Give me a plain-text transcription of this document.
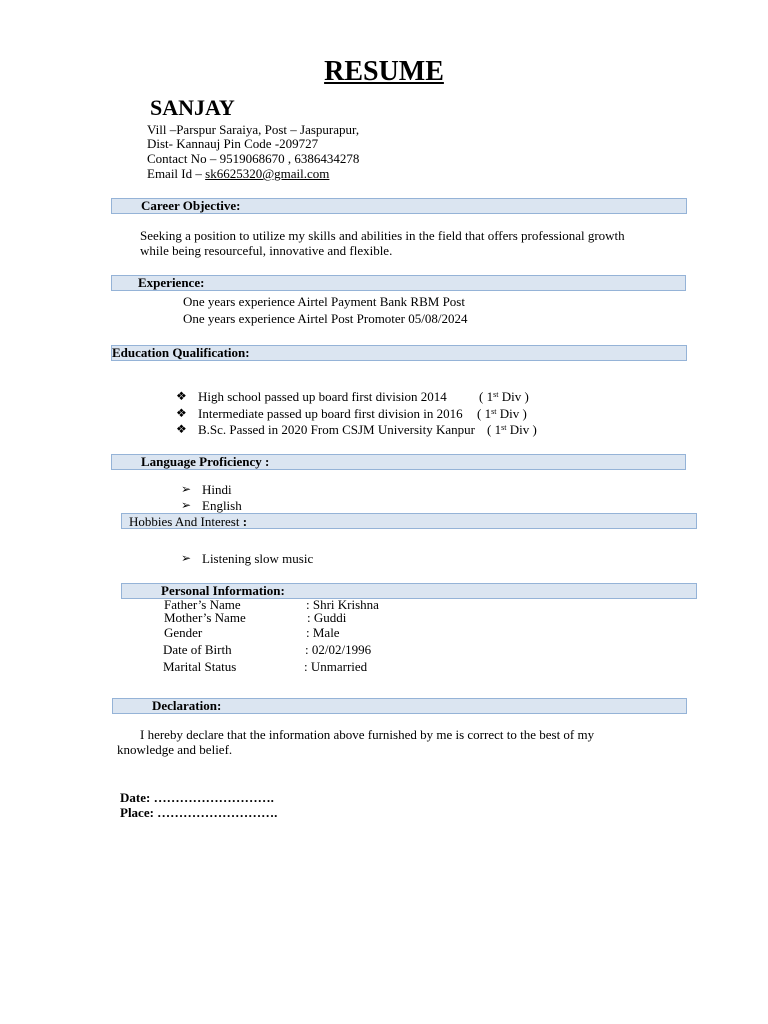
RESUME
SANJAY
Vill –Parspur Saraiya, Post – Jaspurapur,
Dist- Kannauj Pin Code -209727
Contact No – 9519068670 , 6386434278
Email Id – sk6625320@gmail.com
Career Objective:
Seeking a position to utilize my skills and abilities in the field that offers professional growth
while being resourceful, innovative and flexible.
Experience:
One years experience Airtel Payment Bank RBM Post
One years experience Airtel Post Promoter 05/08/2024
Education Qualification:
❖ High school passed up board first division 2014 ( 1st Div )
❖ Intermediate passed up board first division in 2016 ( 1st Div )
❖ B.Sc. Passed in 2020 From CSJM University Kanpur ( 1st Div )
Language Proficiency :
➢ Hindi
➢ English
Hobbies And Interest :
➢ Listening slow music
Personal Information:
Father’s Name	: Shri Krishna
Mother’s Name	: Guddi
Gender	: Male
Date of Birth	: 02/02/1996
Marital Status	: Unmarried
Declaration:
I hereby declare that the information above furnished by me is correct to the best of my
knowledge and belief.
Date: ……………………….
Place: ……………………….
